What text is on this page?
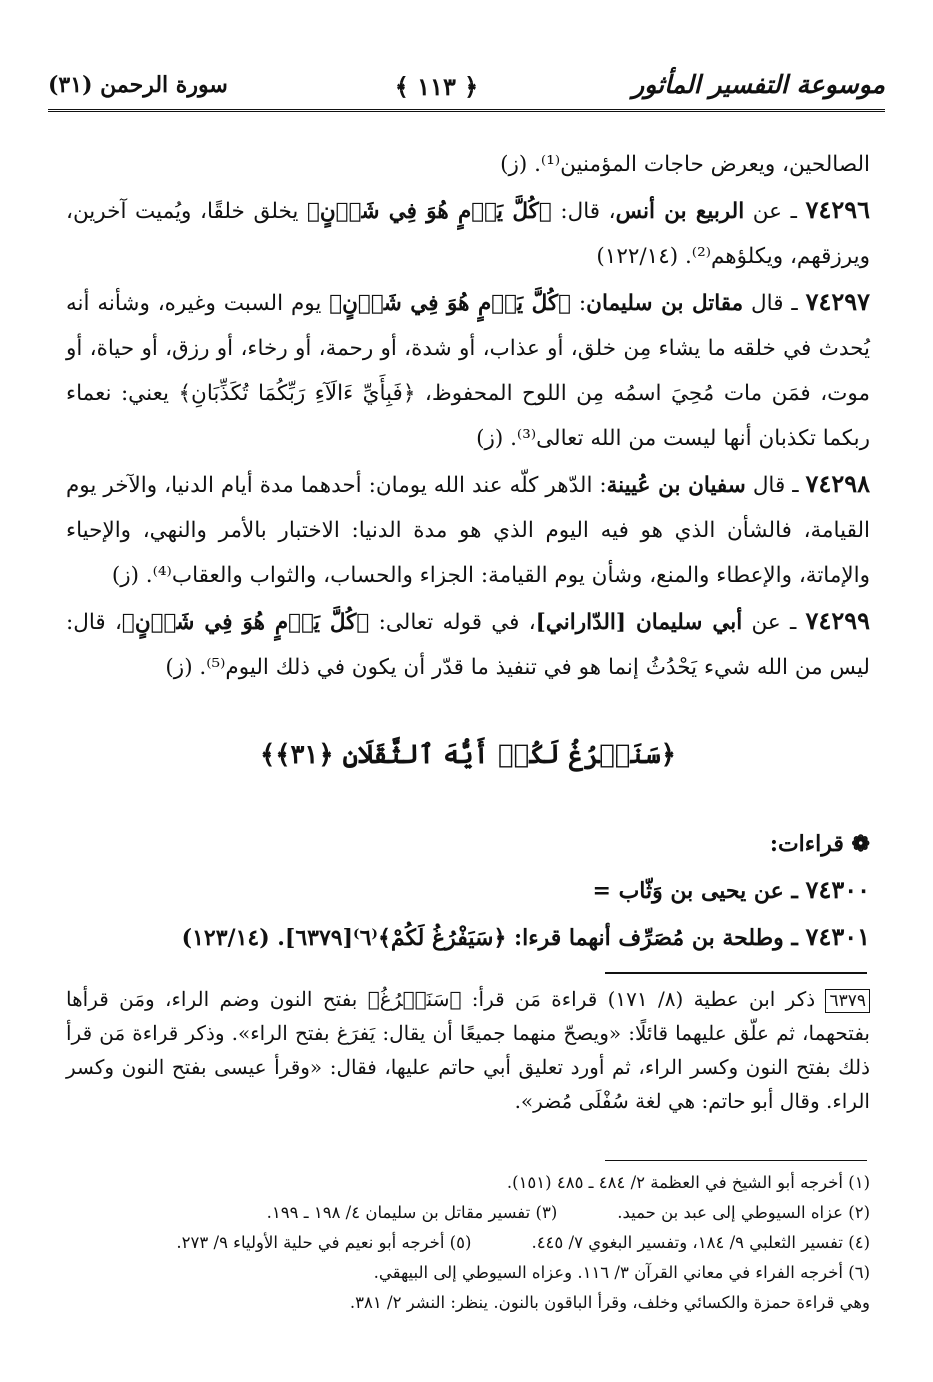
موسوعة التفسير المأثور
﴿ ١١٣ ﴾
سورة الرحمن (٣١)

الصالحين، ويعرض حاجات المؤمنين⁽¹⁾. (ز)

٧٤٢٩٦ ـ عن الربيع بن أنس، قال: ﴿كُلَّ يَوۡمٍ هُوَ فِي شَأۡنٍ﴾ يخلق خلقًا، ويُميت آخرين، ويرزقهم، ويكلؤهم⁽²⁾. (١٢٢/١٤)

٧٤٢٩٧ ـ قال مقاتل بن سليمان: ﴿كُلَّ يَوۡمٍ هُوَ فِي شَأۡنٍ﴾ يوم السبت وغيره، وشأنه أنه يُحدث في خلقه ما يشاء مِن خلق، أو عذاب، أو شدة، أو رحمة، أو رخاء، أو رزق، أو حياة، أو موت، فمَن مات مُحِيَ اسمُه مِن اللوح المحفوظ، ﴿فَبِأَيِّ ءَالَآءِ رَبِّكُمَا تُكَذِّبَانِ﴾ يعني: نعماء ربكما تكذبان أنها ليست من الله تعالى⁽³⁾. (ز)

٧٤٢٩٨ ـ قال سفيان بن عُيينة: الدّهر كلّه عند الله يومان: أحدهما مدة أيام الدنيا، والآخر يوم القيامة، فالشأن الذي هو فيه اليوم الذي هو مدة الدنيا: الاختبار بالأمر والنهي، والإحياء والإماتة، والإعطاء والمنع، وشأن يوم القيامة: الجزاء والحساب، والثواب والعقاب⁽⁴⁾. (ز)

٧٤٢٩٩ ـ عن أبي سليمان [الدّاراني]، في قوله تعالى: ﴿كُلَّ يَوۡمٍ هُوَ فِي شَأۡنٍ﴾، قال: ليس من الله شيء يَحْدُثُ إنما هو في تنفيذ ما قدّر أن يكون في ذلك اليوم⁽⁵⁾. (ز)

﴿سَنَفۡرُغُ لَكُمۡ أَيُّهَ ٱلثَّقَلَانِ ﴿٣١﴾﴾

❁ قراءات:

٧٤٣٠٠ ـ عن يحيى بن وَثّاب =

٧٤٣٠١ ـ وطلحة بن مُصَرِّف أنهما قرءا: ﴿سَيَفْرُغُ لَكُمْ﴾⁽٦⁾[٦٣٧٩]. (١٢٣/١٤)

٦٣٧٩ ذكر ابن عطية (٨/ ١٧١) قراءة مَن قرأ: ﴿سَنَفۡرُغُ﴾ بفتح النون وضم الراء، ومَن قرأها بفتحهما، ثم علّق عليهما قائلًا: «ويصحّ منهما جميعًا أن يقال: يَفرَغ بفتح الراء». وذكر قراءة مَن قرأ ذلك بفتح النون وكسر الراء، ثم أورد تعليق أبي حاتم عليها، فقال: «وقرأ عيسى بفتح النون وكسر الراء. وقال أبو حاتم: هي لغة سُفْلَى مُضر».

(١) أخرجه أبو الشيخ في العظمة ٢/ ٤٨٤ ـ ٤٨٥ (١٥١).

(٢) عزاه السيوطي إلى عبد بن حميد.
(٣) تفسير مقاتل بن سليمان ٤/ ١٩٨ ـ ١٩٩.
(٤) تفسير الثعلبي ٩/ ١٨٤، وتفسير البغوي ٧/ ٤٤٥.
(٥) أخرجه أبو نعيم في حلية الأولياء ٩/ ٢٧٣.

(٦) أخرجه الفراء في معاني القرآن ٣/ ١١٦. وعزاه السيوطي إلى البيهقي.

وهي قراءة حمزة والكسائي وخلف، وقرأ الباقون بالنون. ينظر: النشر ٢/ ٣٨١.
